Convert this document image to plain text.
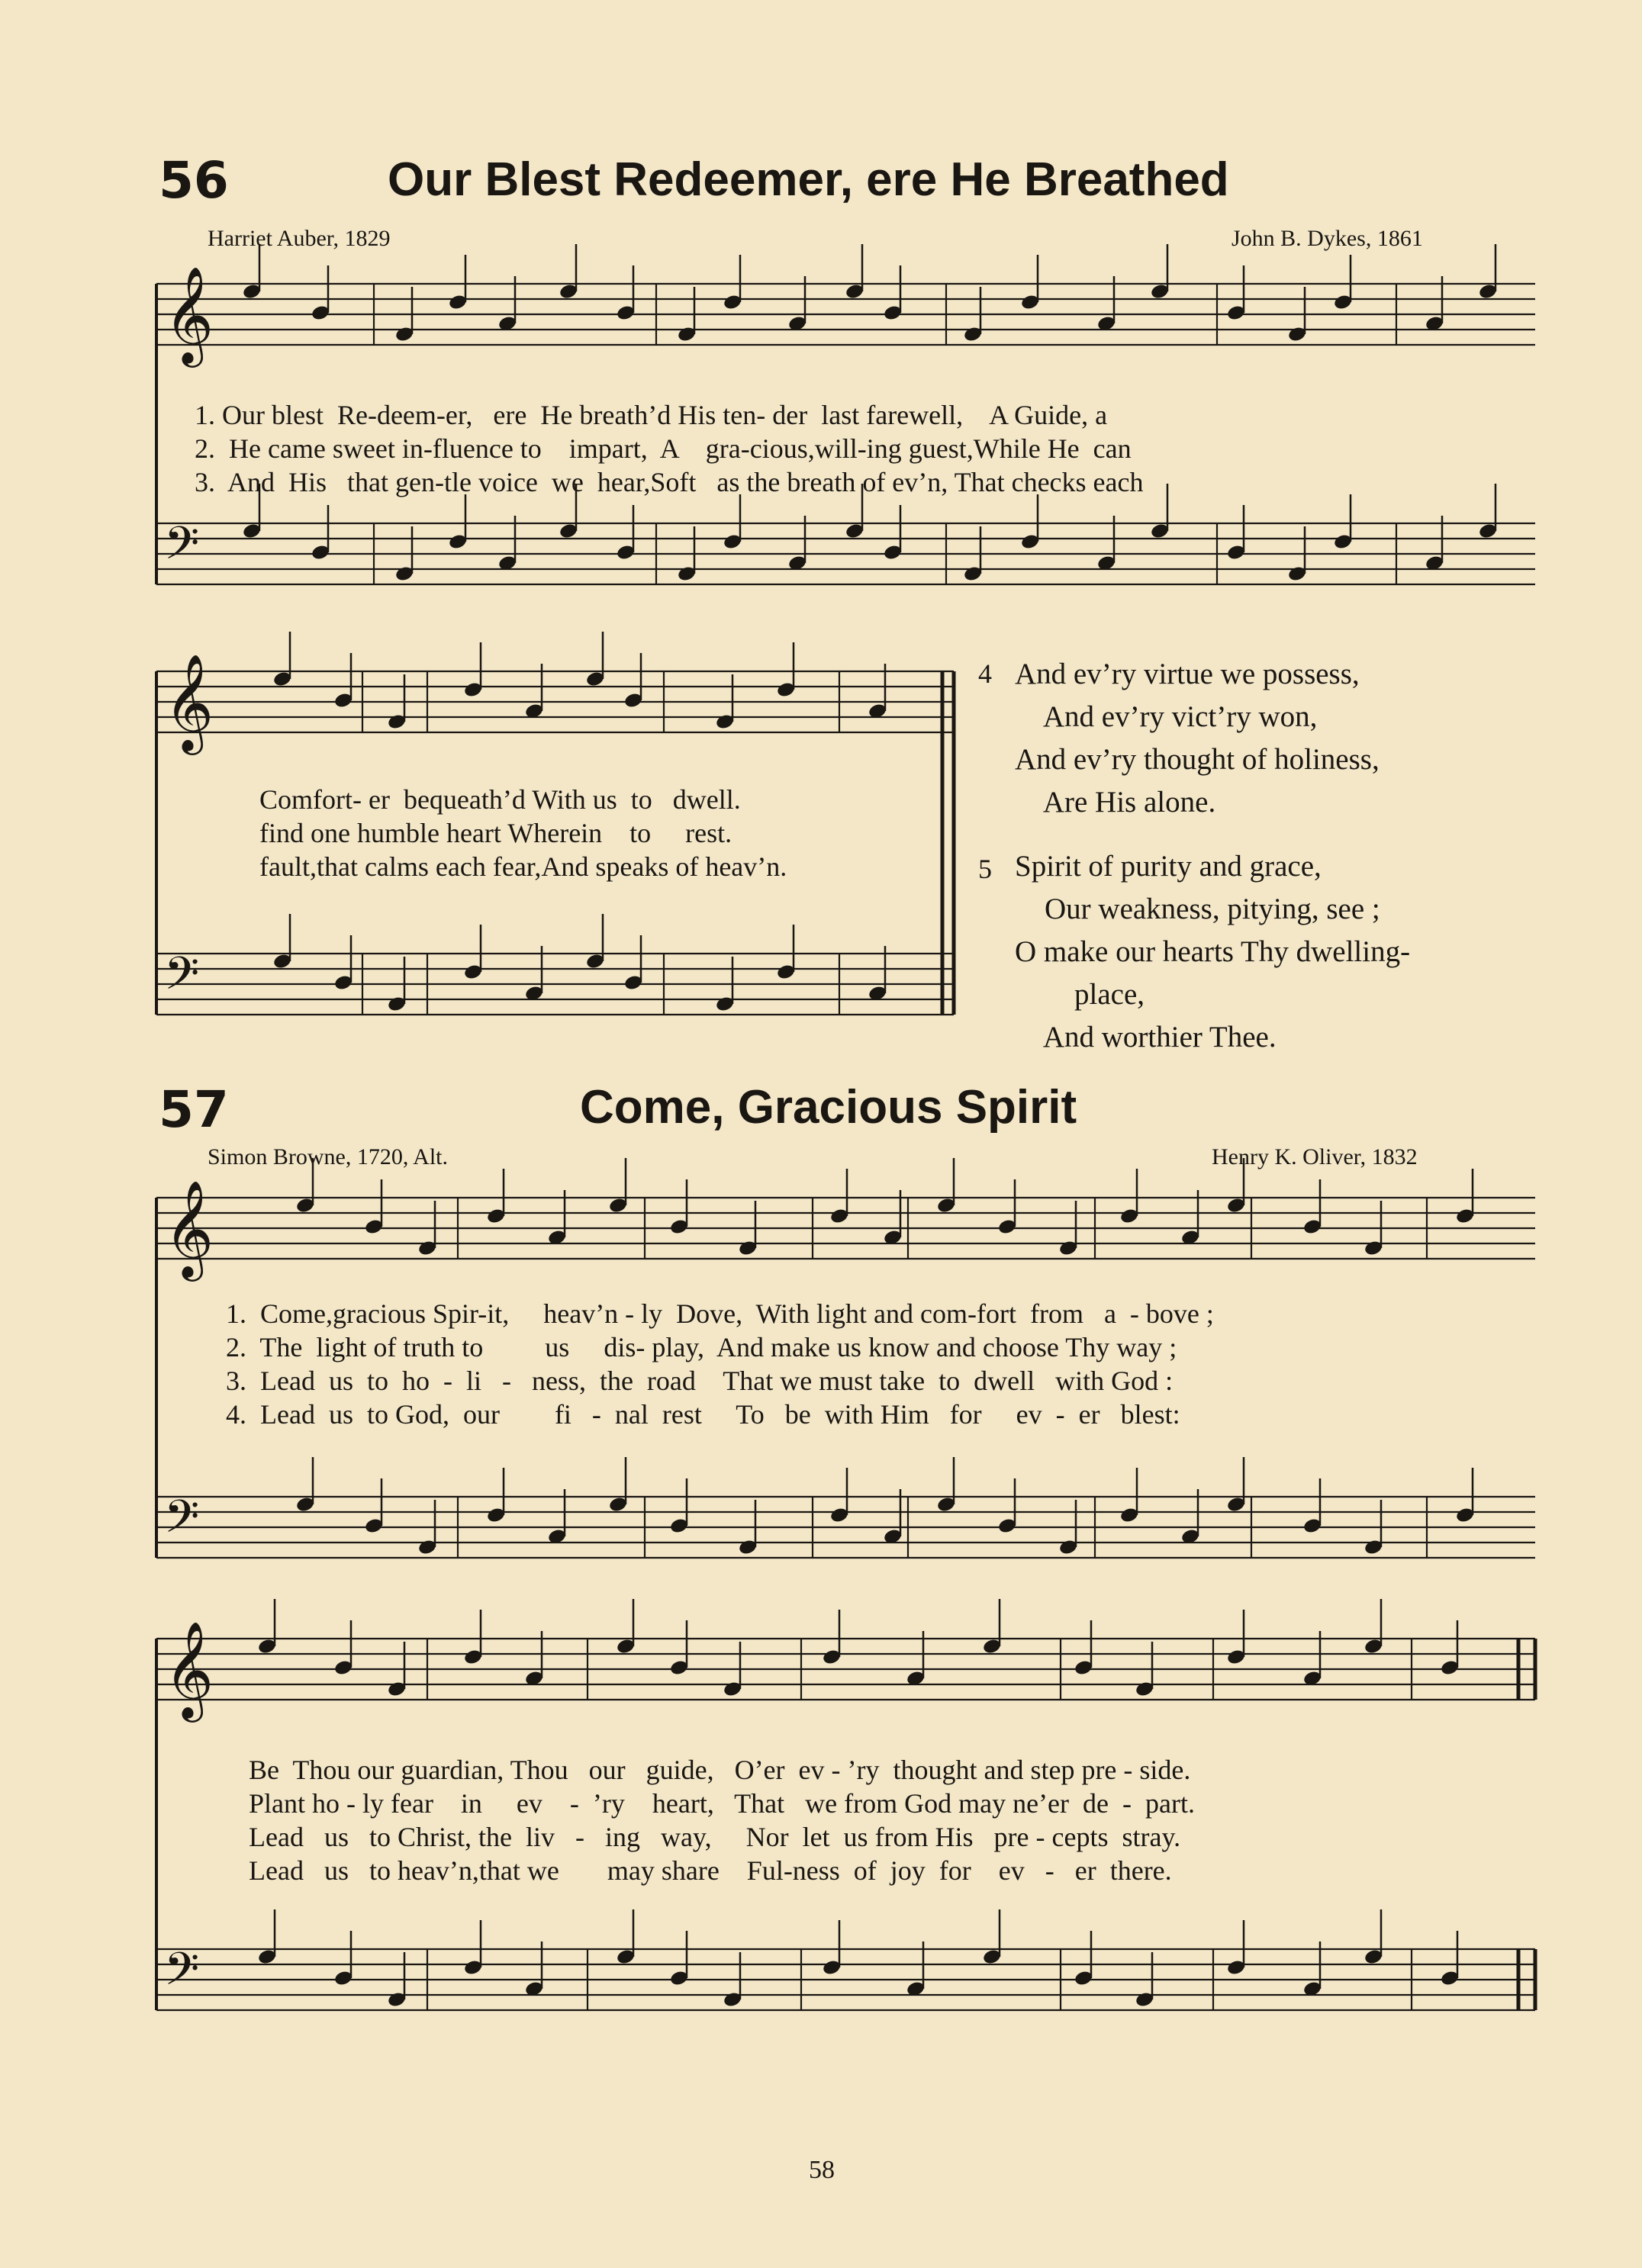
𝄞
𝄢
𝄞
𝄢
𝄞
𝄢
𝄞
𝄢
56	Our Blest Redeemer, ere He Breathed
Harriet Auber, 1829	John B. Dykes, 1861
1. Our blest  Re-deem-er,   ere  He breath’d His ten- der  last farewell,    A Guide, a
2.  He came sweet in-fluence to    impart,  A    gra-cious,will-ing guest,While He  can
3.  And  His   that gen-tle voice  we  hear,Soft   as the breath of ev’n, That checks each
Comfort- er  bequeath’d With us  to   dwell.
find one humble heart Wherein    to     rest.
fault,that calms each fear,And speaks of heav’n.
4 And ev’ry virtue we possess,
And ev’ry vict’ry won,
And ev’ry thought of holiness,
Are His alone.
5 Spirit of purity and grace,
Our weakness, pitying, see ;
O make our hearts Thy dwelling-
place,
And worthier Thee.
57	Come, Gracious Spirit
Simon Browne, 1720, Alt.	Henry K. Oliver, 1832
1.  Come,gracious Spir-it,     heav’n - ly  Dove,  With light and com-fort  from   a  - bove ;
2.  The  light of truth to         us     dis- play,  And make us know and choose Thy way ;
3.  Lead  us  to  ho  -  li   -   ness,  the  road    That we must take  to  dwell   with God :
4.  Lead  us  to God,  our        fi   -  nal  rest     To   be  with Him   for     ev  -  er   blest:
Be  Thou our guardian, Thou   our   guide,   O’er  ev - ’ry  thought and step pre - side.
Plant ho - ly fear    in     ev    -  ’ry    heart,   That   we from God may ne’er  de  -  part.
Lead   us   to Christ, the  liv   -   ing   way,     Nor  let  us from His   pre - cepts  stray.
Lead   us   to heav’n,that we       may share    Ful-ness  of  joy  for    ev   -   er  there.
58
